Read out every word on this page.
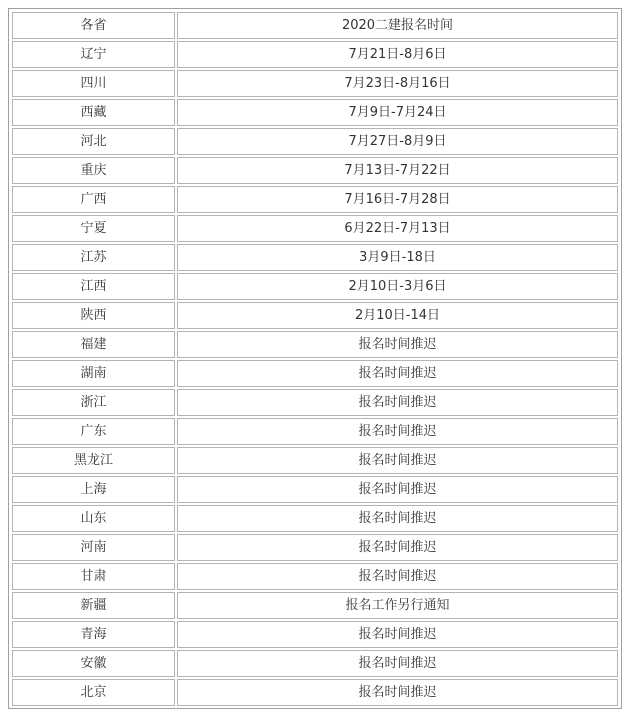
各省	2020二建报名时间
辽宁	7月21日-8月6日
四川	7月23日-8月16日
西藏	7月9日-7月24日
河北	7月27日-8月9日
重庆	7月13日-7月22日
广西	7月16日-7月28日
宁夏	6月22日-7月13日
江苏	3月9日-18日
江西	2月10日-3月6日
陕西	2月10日-14日
福建	报名时间推迟
湖南	报名时间推迟
浙江	报名时间推迟
广东	报名时间推迟
黑龙江	报名时间推迟
上海	报名时间推迟
山东	报名时间推迟
河南	报名时间推迟
甘肃	报名时间推迟
新疆	报名工作另行通知
青海	报名时间推迟
安徽	报名时间推迟
北京	报名时间推迟
